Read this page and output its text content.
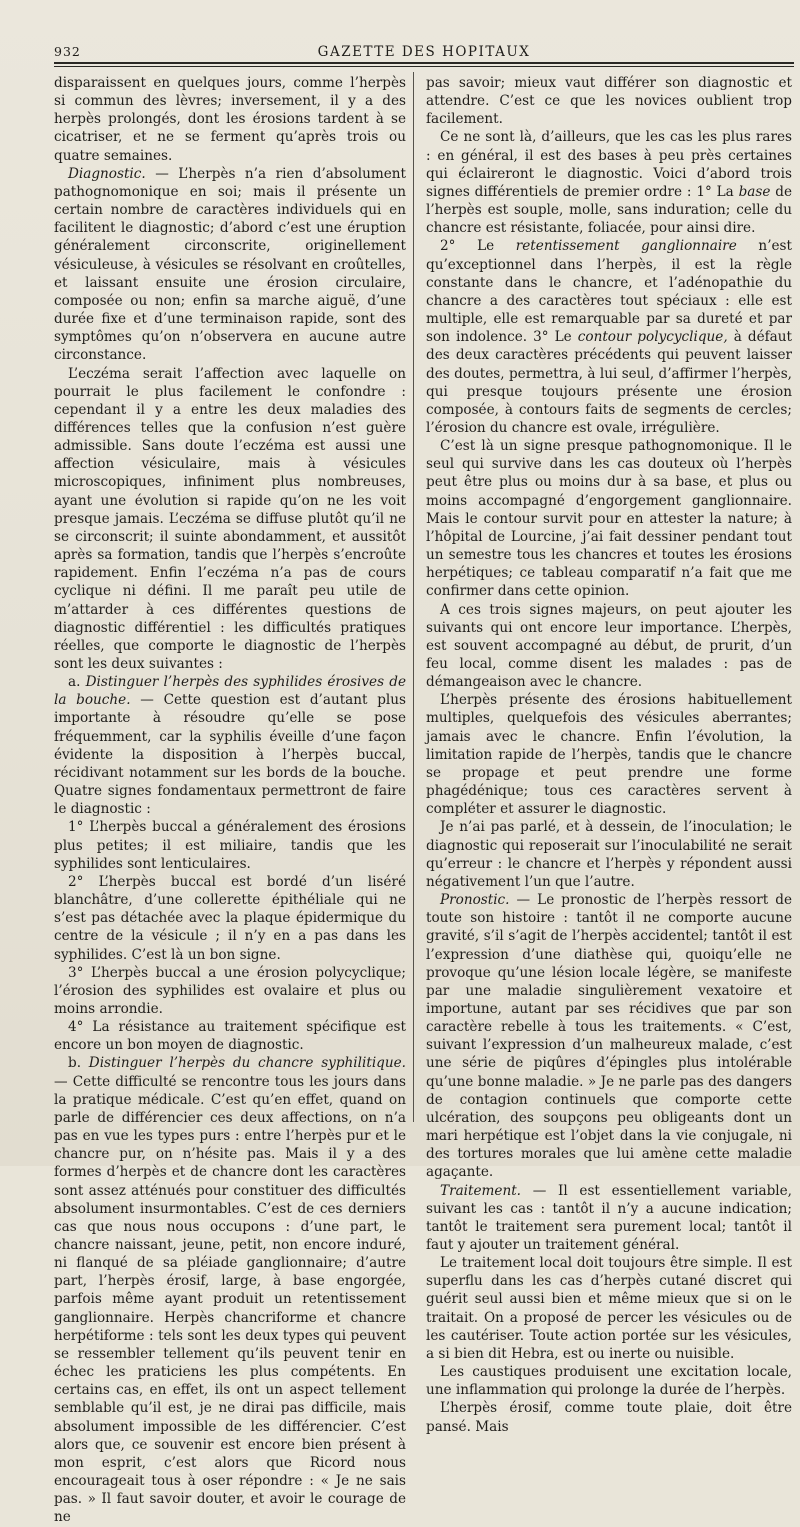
932	GAZETTE DES HOPITAUX

disparaissent en quelques jours, comme l’herpès si commun des lèvres; inversement, il y a des herpès prolongés, dont les érosions tardent à se cicatriser, et ne se ferment qu’après trois ou quatre semaines.

Diagnostic. — L’herpès n’a rien d’absolument pathognomonique en soi; mais il présente un certain nombre de caractères individuels qui en facilitent le diagnostic; d’abord c’est une éruption généralement circonscrite, originellement vésiculeuse, à vésicules se résolvant en croûtelles, et laissant ensuite une érosion circulaire, composée ou non; enfin sa marche aiguë, d’une durée fixe et d’une terminaison rapide, sont des symptômes qu’on n’observera en aucune autre circonstance.

L’eczéma serait l’affection avec laquelle on pourrait le plus facilement le confondre : cependant il y a entre les deux maladies des différences telles que la confusion n’est guère admissible. Sans doute l’eczéma est aussi une affection vésiculaire, mais à vésicules microscopiques, infiniment plus nombreuses, ayant une évolution si rapide qu’on ne les voit presque jamais. L’eczéma se diffuse plutôt qu’il ne se circonscrit; il suinte abondamment, et aussitôt après sa formation, tandis que l’herpès s’encroûte rapidement. Enfin l’eczéma n’a pas de cours cyclique ni défini. Il me paraît peu utile de m’attarder à ces différentes questions de diagnostic différentiel : les difficultés pratiques réelles, que comporte le diagnostic de l’herpès sont les deux suivantes :

a. Distinguer l’herpès des syphilides érosives de la bouche. — Cette question est d’autant plus importante à résoudre qu’elle se pose fréquemment, car la syphilis éveille d’une façon évidente la disposition à l’herpès buccal, récidivant notamment sur les bords de la bouche. Quatre signes fondamentaux permettront de faire le diagnostic :

1° L’herpès buccal a généralement des érosions plus petites; il est miliaire, tandis que les syphilides sont lenticulaires.

2° L’herpès buccal est bordé d’un liséré blanchâtre, d’une collerette épithéliale qui ne s’est pas détachée avec la plaque épidermique du centre de la vésicule ; il n’y en a pas dans les syphilides. C’est là un bon signe.

3° L’herpès buccal a une érosion polycyclique; l’érosion des syphilides est ovalaire et plus ou moins arrondie.

4° La résistance au traitement spécifique est encore un bon moyen de diagnostic.

b. Distinguer l’herpès du chancre syphilitique. — Cette difficulté se rencontre tous les jours dans la pratique médicale. C’est qu’en effet, quand on parle de différencier ces deux affections, on n’a pas en vue les types purs : entre l’herpès pur et le chancre pur, on n’hésite pas. Mais il y a des formes d’herpès et de chancre dont les caractères sont assez atténués pour constituer des difficultés absolument insurmontables. C’est de ces derniers cas que nous nous occupons : d’une part, le chancre naissant, jeune, petit, non encore induré, ni flanqué de sa pléiade ganglionnaire; d’autre part, l’herpès érosif, large, à base engorgée, parfois même ayant produit un retentissement ganglionnaire. Herpès chancriforme et chancre herpétiforme : tels sont les deux types qui peuvent se ressembler tellement qu’ils peuvent tenir en échec les praticiens les plus compétents. En certains cas, en effet, ils ont un aspect tellement semblable qu’il est, je ne dirai pas difficile, mais absolument impossible de les différencier. C’est alors que, ce souvenir est encore bien présent à mon esprit, c’est alors que Ricord nous encourageait tous à oser répondre : « Je ne sais pas. » Il faut savoir douter, et avoir le courage de ne

pas savoir; mieux vaut différer son diagnostic et attendre. C’est ce que les novices oublient trop facilement.

Ce ne sont là, d’ailleurs, que les cas les plus rares : en général, il est des bases à peu près certaines qui éclaireront le diagnostic. Voici d’abord trois signes différentiels de premier ordre : 1° La base de l’herpès est souple, molle, sans induration; celle du chancre est résistante, foliacée, pour ainsi dire.

2° Le retentissement ganglionnaire n’est qu’exceptionnel dans l’herpès, il est la règle constante dans le chancre, et l’adénopathie du chancre a des caractères tout spéciaux : elle est multiple, elle est remarquable par sa dureté et par son indolence. 3° Le contour polycyclique, à défaut des deux caractères précédents qui peuvent laisser des doutes, permettra, à lui seul, d’affirmer l’herpès, qui presque toujours présente une érosion composée, à contours faits de segments de cercles; l’érosion du chancre est ovale, irrégulière.

C’est là un signe presque pathognomonique. Il le seul qui survive dans les cas douteux où l’herpès peut être plus ou moins dur à sa base, et plus ou moins accompagné d’engorgement ganglionnaire. Mais le contour survit pour en attester la nature; à l’hôpital de Lourcine, j’ai fait dessiner pendant tout un semestre tous les chancres et toutes les érosions herpétiques; ce tableau comparatif n’a fait que me confirmer dans cette opinion.

A ces trois signes majeurs, on peut ajouter les suivants qui ont encore leur importance. L’herpès, est souvent accompagné au début, de prurit, d’un feu local, comme disent les malades : pas de démangeaison avec le chancre.

L’herpès présente des érosions habituellement multiples, quelquefois des vésicules aberrantes; jamais avec le chancre. Enfin l’évolution, la limitation rapide de l’herpès, tandis que le chancre se propage et peut prendre une forme phagédénique; tous ces caractères servent à compléter et assurer le diagnostic.

Je n’ai pas parlé, et à dessein, de l’inoculation; le diagnostic qui reposerait sur l’inoculabilité ne serait qu’erreur : le chancre et l’herpès y répondent aussi négativement l’un que l’autre.

Pronostic. — Le pronostic de l’herpès ressort de toute son histoire : tantôt il ne comporte aucune gravité, s’il s’agit de l’herpès accidentel; tantôt il est l’expression d’une diathèse qui, quoiqu’elle ne provoque qu’une lésion locale légère, se manifeste par une maladie singulièrement vexatoire et importune, autant par ses récidives que par son caractère rebelle à tous les traitements. « C’est, suivant l’expression d’un malheureux malade, c’est une série de piqûres d’épingles plus intolérable qu’une bonne maladie. » Je ne parle pas des dangers de contagion continuels que comporte cette ulcération, des soupçons peu obligeants dont un mari herpétique est l’objet dans la vie conjugale, ni des tortures morales que lui amène cette maladie agaçante.

Traitement. — Il est essentiellement variable, suivant les cas : tantôt il n’y a aucune indication; tantôt le traitement sera purement local; tantôt il faut y ajouter un traitement général.

Le traitement local doit toujours être simple. Il est superflu dans les cas d’herpès cutané discret qui guérit seul aussi bien et même mieux que si on le traitait. On a proposé de percer les vésicules ou de les cautériser. Toute action portée sur les vésicules, a si bien dit Hebra, est ou inerte ou nuisible.

Les caustiques produisent une excitation locale, une inflammation qui prolonge la durée de l’herpès.

L’herpès érosif, comme toute plaie, doit être pansé. Mais
